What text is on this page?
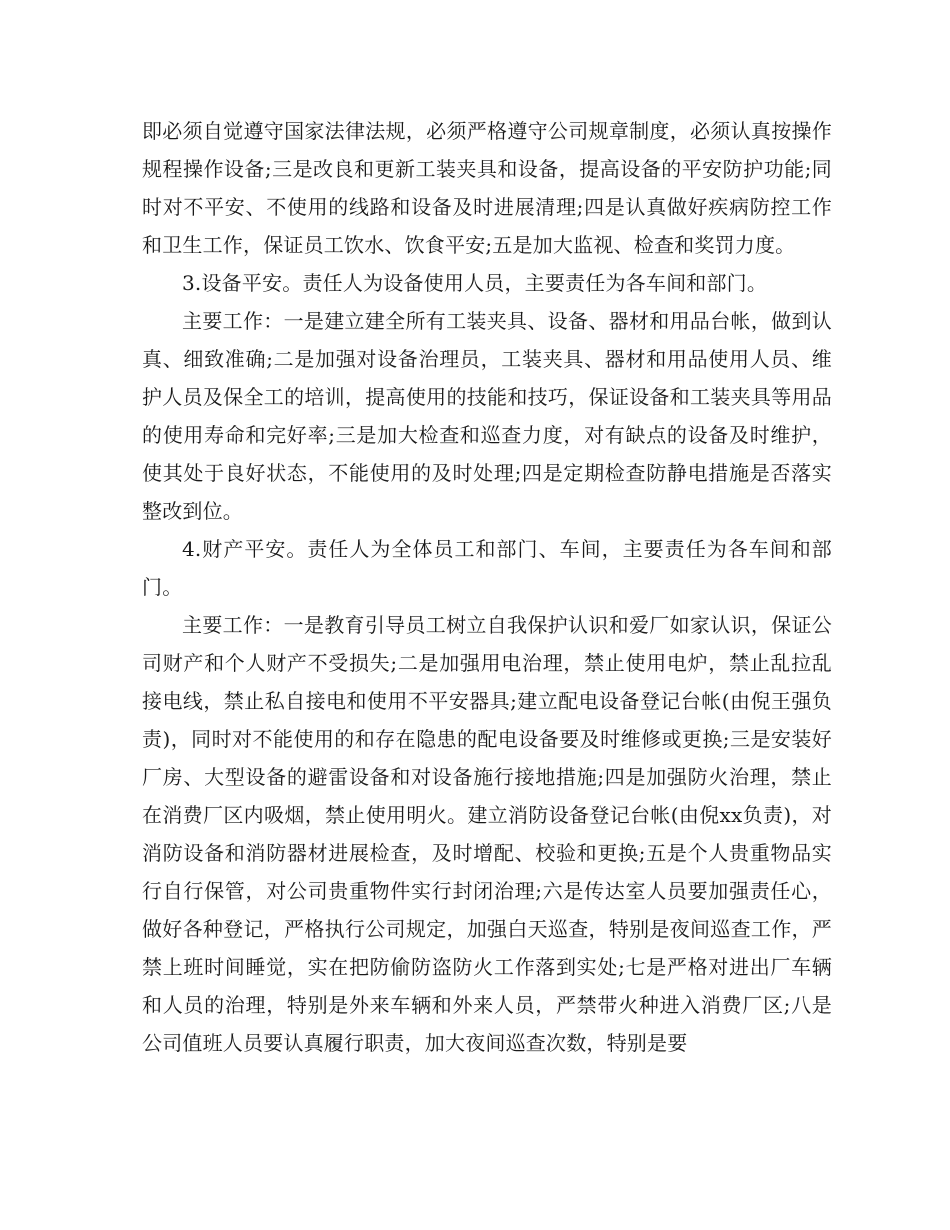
即必须自觉遵守国家法律法规，必须严格遵守公司规章制度，必须认真按操作规程操作设备;三是改良和更新工装夹具和设备，提高设备的平安防护功能;同时对不平安、不使用的线路和设备及时进展清理;四是认真做好疾病防控工作和卫生工作，保证员工饮水、饮食平安;五是加大监视、检查和奖罚力度。

3.设备平安。责任人为设备使用人员，主要责任为各车间和部门。

主要工作：一是建立建全所有工装夹具、设备、器材和用品台帐，做到认真、细致准确;二是加强对设备治理员，工装夹具、器材和用品使用人员、维护人员及保全工的培训，提高使用的技能和技巧，保证设备和工装夹具等用品的使用寿命和完好率;三是加大检查和巡查力度，对有缺点的设备及时维护，使其处于良好状态，不能使用的及时处理;四是定期检查防静电措施是否落实整改到位。

4.财产平安。责任人为全体员工和部门、车间，主要责任为各车间和部门。

主要工作：一是教育引导员工树立自我保护认识和爱厂如家认识，保证公司财产和个人财产不受损失;二是加强用电治理，禁止使用电炉，禁止乱拉乱接电线，禁止私自接电和使用不平安器具;建立配电设备登记台帐(由倪王强负责)，同时对不能使用的和存在隐患的配电设备要及时维修或更换;三是安装好厂房、大型设备的避雷设备和对设备施行接地措施;四是加强防火治理，禁止在消费厂区内吸烟，禁止使用明火。建立消防设备登记台帐(由倪xx负责)，对消防设备和消防器材进展检查，及时增配、校验和更换;五是个人贵重物品实行自行保管，对公司贵重物件实行封闭治理;六是传达室人员要加强责任心，做好各种登记，严格执行公司规定，加强白天巡查，特别是夜间巡查工作，严禁上班时间睡觉，实在把防偷防盗防火工作落到实处;七是严格对进出厂车辆和人员的治理，特别是外来车辆和外来人员，严禁带火种进入消费厂区;八是公司值班人员要认真履行职责，加大夜间巡查次数，特别是要
